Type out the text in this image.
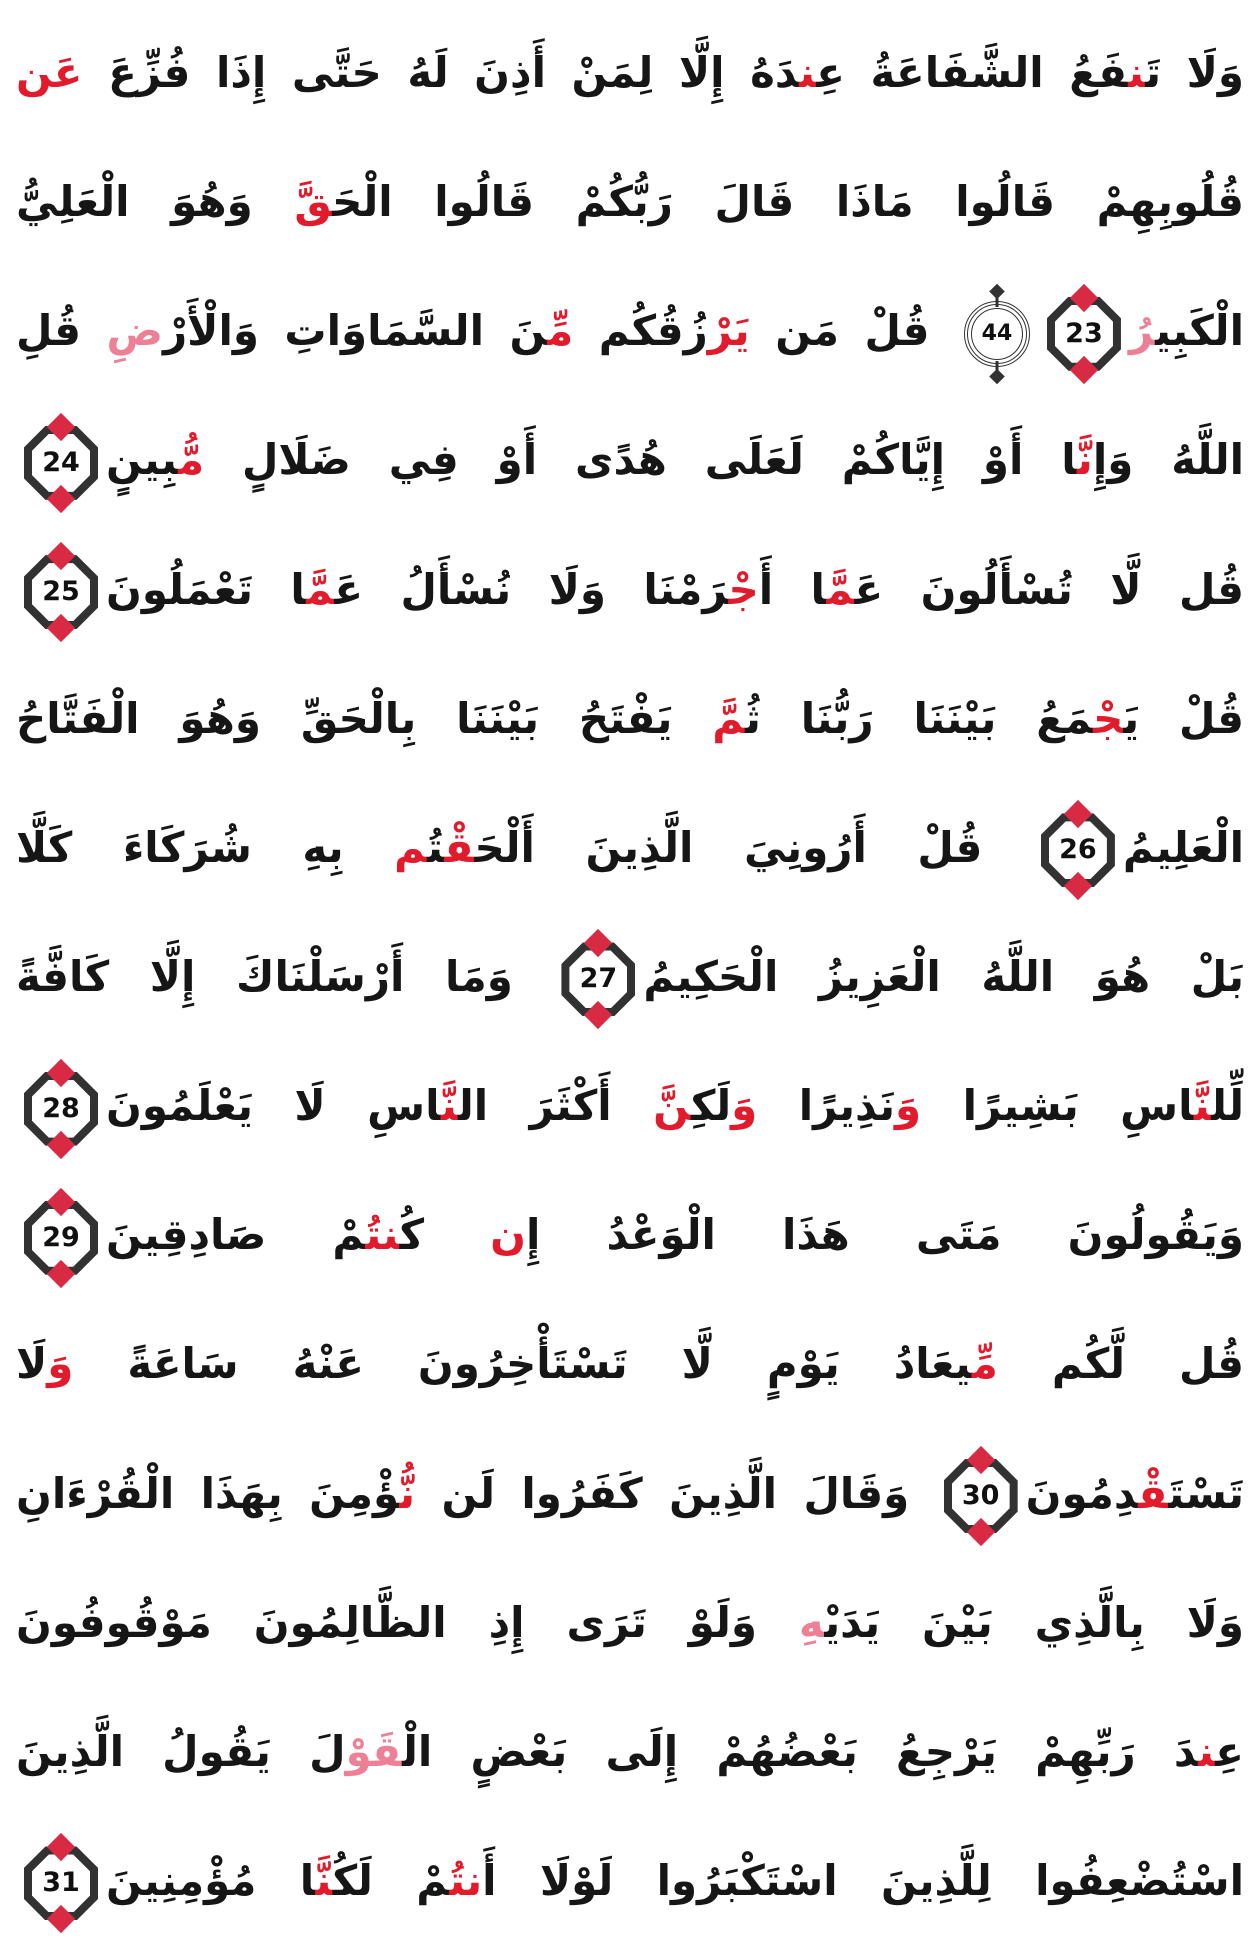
وَلَا تَنفَعُ الشَّفَاعَةُ عِندَهُ إِلَّا لِمَنْ أَذِنَ لَهُ حَتَّى إِذَا فُزِّعَ عَن
قُلُوبِهِمْ قَالُوا مَاذَا قَالَ رَبُّكُمْ قَالُوا الْحَقَّ وَهُوَ الْعَلِيُّ
الْكَبِيرُ
23
44
قُلْ مَن يَرْزُقُكُم مِّنَ السَّمَاوَاتِ وَالْأَرْضِ قُلِ
اللَّهُ وَإِنَّا أَوْ إِيَّاكُمْ لَعَلَى هُدًى أَوْ فِي ضَلَالٍ مُّبِينٍ
24
قُل لَّا تُسْأَلُونَ عَمَّا أَجْرَمْنَا وَلَا نُسْأَلُ عَمَّا تَعْمَلُونَ
25
قُلْ يَجْمَعُ بَيْنَنَا رَبُّنَا ثُمَّ يَفْتَحُ بَيْنَنَا بِالْحَقِّ وَهُوَ الْفَتَّاحُ
الْعَلِيمُ
26
قُلْ أَرُونِيَ الَّذِينَ أَلْحَقْتُم بِهِ شُرَكَاءَ كَلَّا
بَلْ هُوَ اللَّهُ الْعَزِيزُ الْحَكِيمُ
27
وَمَا أَرْسَلْنَاكَ إِلَّا كَافَّةً
لِّلنَّاسِ بَشِيرًا وَنَذِيرًا وَلَكِنَّ أَكْثَرَ النَّاسِ لَا يَعْلَمُونَ
28
وَيَقُولُونَ مَتَى هَذَا الْوَعْدُ إِن كُنتُمْ صَادِقِينَ
29
قُل لَّكُم مِّيعَادُ يَوْمٍ لَّا تَسْتَأْخِرُونَ عَنْهُ سَاعَةً وَلَا
تَسْتَقْدِمُونَ
30
وَقَالَ الَّذِينَ كَفَرُوا لَن نُّؤْمِنَ بِهَذَا الْقُرْءَانِ
وَلَا بِالَّذِي بَيْنَ يَدَيْهِ وَلَوْ تَرَى إِذِ الظَّالِمُونَ مَوْقُوفُونَ
عِندَ رَبِّهِمْ يَرْجِعُ بَعْضُهُمْ إِلَى بَعْضٍ الْقَوْلَ يَقُولُ الَّذِينَ
اسْتُضْعِفُوا لِلَّذِينَ اسْتَكْبَرُوا لَوْلَا أَنتُمْ لَكُنَّا مُؤْمِنِينَ
31
